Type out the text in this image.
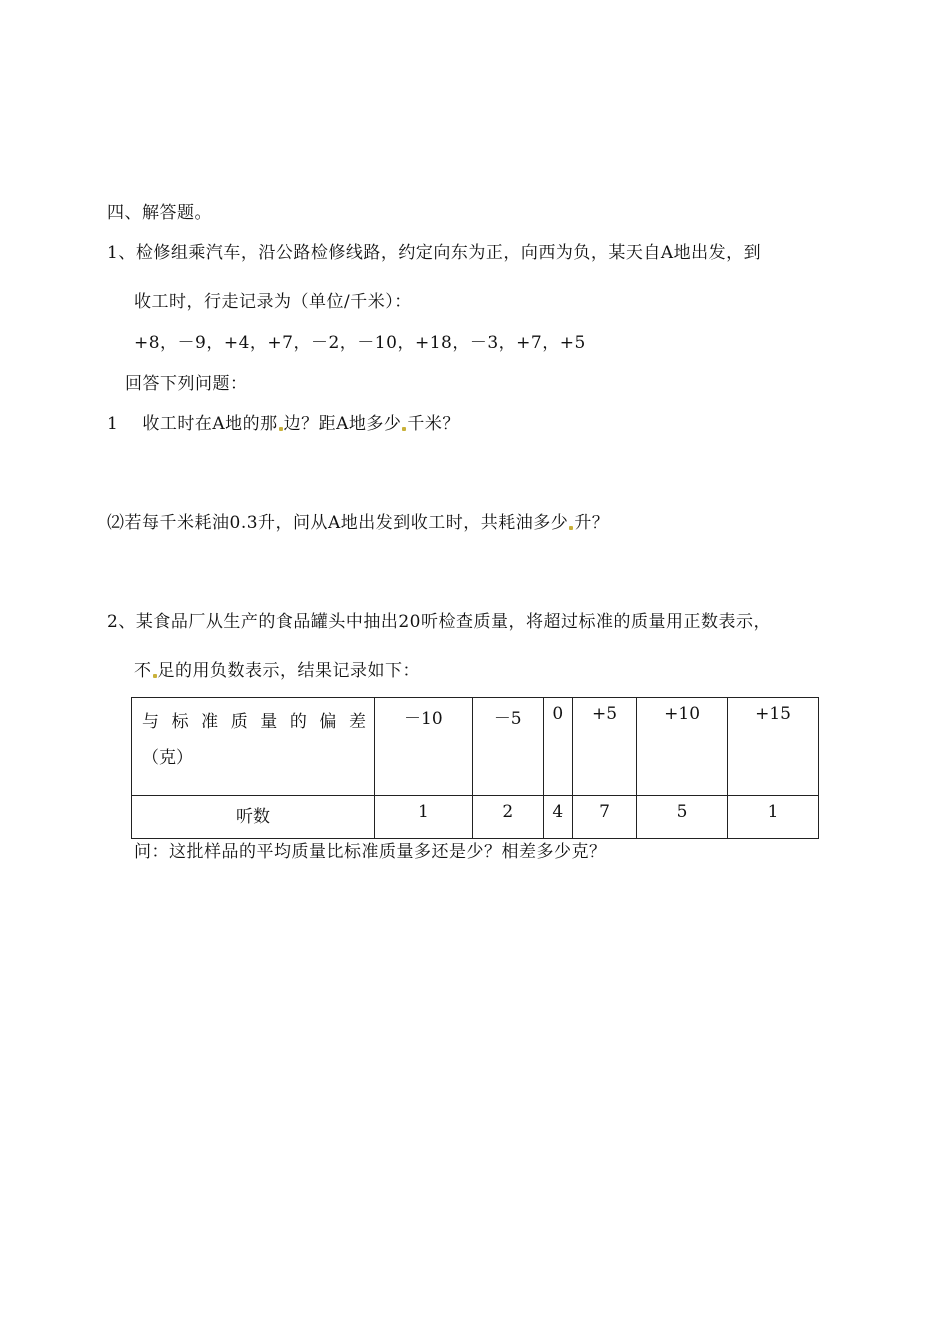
四、解答题。
1、检修组乘汽车，沿公路检修线路，约定向东为正，向西为负，某天自A地出发，到
收工时，行走记录为（单位/千米）：
+8，－9，+4，+7，－2，－10，+18，－3，+7，+5
回答下列问题：
1 收工时在A地的那 边？距A地多少 千米？
⑵若每千米耗油0.3升，问从A地出发到收工时，共耗油多少 升？
2、某食品厂从生产的食品罐头中抽出20听检查质量，将超过标准的质量用正数表示，
不 足的用负数表示，结果记录如下：
与标准质量的偏差
（克）	－10	－5	0	+5	+10	+15
听数	1	2	4	7	5	1
问：这批样品的平均质量比标准质量多还是少？相差多少克？
